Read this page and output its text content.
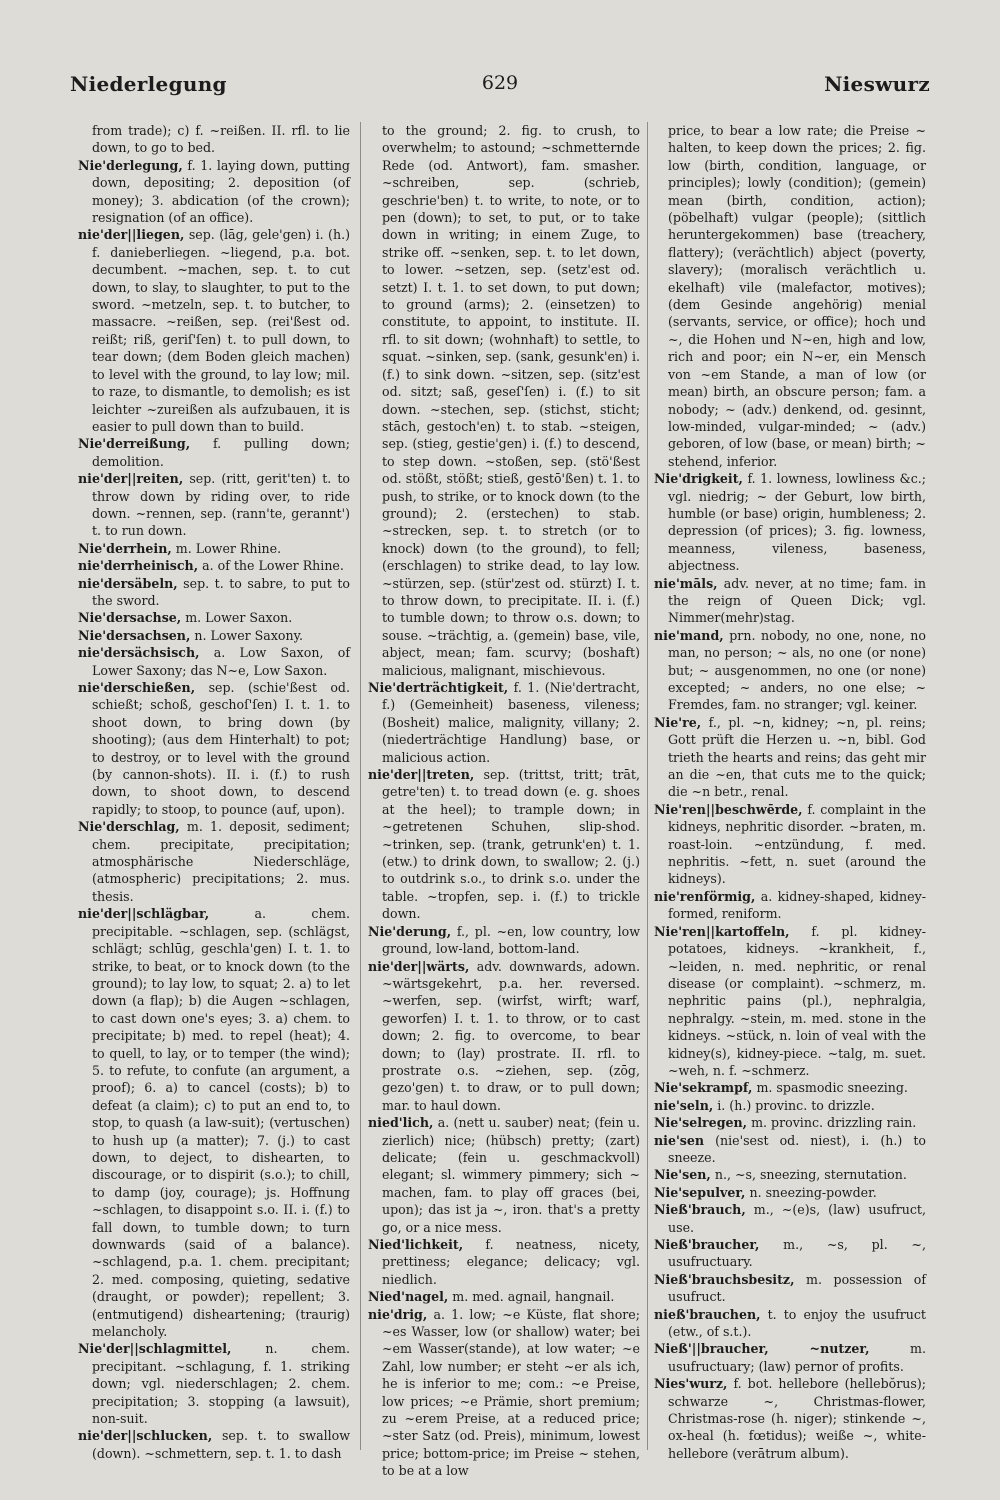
Niederlegung	629	Nieswurz

from trade); c) f. ~reißen. II. rfl. to lie down, to go to bed.

Nie'derlegung, f. 1. laying down, putting down, depositing; 2. deposition (of money); 3. abdication (of the crown); resignation (of an office).

nie'der||liegen, sep. (lāg, gele'gen) i. (h.) f. danieberliegen. ~liegend, p.a. bot. decumbent. ~machen, sep. t. to cut down, to slay, to slaughter, to put to the sword. ~metzeln, sep. t. to butcher, to massacre. ~reißen, sep. (rei'ßest od. reißt; riß, geriſ'ſen) t. to pull down, to tear down; (dem Boden gleich machen) to level with the ground, to lay low; mil. to raze, to dismantle, to demolish; es ist leichter ~zureißen als aufzubauen, it is easier to pull down than to build.

Nie'derreißung, f. pulling down; demolition.

nie'der||reiten, sep. (ritt, gerit'ten) t. to throw down by riding over, to ride down. ~rennen, sep. (rann'te, gerannt') t. to run down.

Nie'derrhein, m. Lower Rhine.

nie'derrheinisch, a. of the Lower Rhine.

nie'dersäbeln, sep. t. to sabre, to put to the sword.

Nie'dersachse, m. Lower Saxon.

Nie'dersachsen, n. Lower Saxony.

nie'dersächsisch, a. Low Saxon, of Lower Saxony; das N~e, Low Saxon.

nie'derschießen, sep. (schie'ßest od. schießt; schoß, geschoſ'ſen) I. t. 1. to shoot down, to bring down (by shooting); (aus dem Hinterhalt) to pot; to destroy, or to level with the ground (by cannon-shots). II. i. (f.) to rush down, to shoot down, to descend rapidly; to stoop, to pounce (auf, upon).

Nie'derschlag, m. 1. deposit, sediment; chem. precipitate, precipitation; atmosphärische Niederschläge, (atmospheric) precipitations; 2. mus. thesis.

nie'der||schlägbar,	a. chem. precipitable. ~schlagen, sep. (schlägst, schlägt; schlūg, geschla'gen) I. t. 1. to strike, to beat, or to knock down (to the ground); to lay low, to squat; 2. a) to let down (a flap); b) die Augen ~schlagen, to cast down one's eyes; 3. a) chem. to precipitate; b) med. to repel (heat); 4. to quell, to lay, or to temper (the wind); 5. to refute, to confute (an argument, a proof); 6. a) to cancel (costs); b) to defeat (a claim); c) to put an end to, to stop, to quash (a law-suit); (vertuschen) to hush up (a matter); 7. (j.) to cast down, to deject, to dishearten, to discourage, or to dispirit (s.o.); to chill, to damp (joy, courage); js. Hoffnung ~schlagen, to disappoint s.o. II. i. (f.) to fall down, to tumble down; to turn downwards (said of a balance). ~schlagend, p.a. 1. chem. precipitant; 2. med. composing, quieting, sedative (draught, or powder); repellent; 3. (entmutigend) disheartening; (traurig) melancholy.

Nie'der||schlagmittel,	n. chem. precipitant. ~schlagung, f. 1. striking down; vgl. niederschlagen; 2. chem. precipitation; 3. stopping (a lawsuit), non-suit.

nie'der||schlucken, sep. t. to swallow (down). ~schmettern, sep. t. 1. to dash

to the ground; 2. fig. to crush, to overwhelm; to astound; ~schmetternde Rede (od. Antwort), fam. smasher. ~schreiben, sep. (schrieb, geschrie'ben) t. to write, to note, or to pen (down); to set, to put, or to take down in writing; in einem Zuge, to strike off. ~senken, sep. t. to let down, to lower. ~setzen, sep. (setz'est od. setzt) I. t. 1. to set down, to put down; to ground (arms); 2. (einsetzen) to constitute, to appoint, to institute. II. rfl. to sit down; (wohnhaft) to settle, to squat. ~sinken, sep. (sank, gesunk'en) i. (f.) to sink down. ~sitzen, sep. (sitz'est od. sitzt; saß, geseſ'ſen) i. (f.) to sit down. ~stechen, sep. (stichst, sticht; stāch, gestoch'en) t. to stab. ~steigen, sep. (stieg, gestie'gen) i. (f.) to descend, to step down. ~stoßen, sep. (stö'ßest od. stößt, stößt; stieß, gestō'ßen) t. 1. to push, to strike, or to knock down (to the ground); 2. (erstechen) to stab. ~strecken, sep. t. to stretch (or to knock) down (to the ground), to fell; (erschlagen) to strike dead, to lay low. ~stürzen, sep. (stür'zest od. stürzt) I. t. to throw down, to precipitate. II. i. (f.) to tumble down; to throw o.s. down; to souse. ~trächtig, a. (gemein) base, vile, abject, mean; fam. scurvy; (boshaft) malicious, malignant, mischievous.

Nie'derträchtigkeit, f. 1. (Nie'dertracht, f.) (Gemeinheit) baseness, vileness; (Bosheit) malice, malignity, villany; 2. (niederträchtige Handlung) base, or malicious action.

nie'der||treten, sep. (trittst, tritt; trāt, getre'ten) t. to tread down (e. g. shoes at the heel); to trample down; in ~getretenen Schuhen, slip-shod. ~trinken, sep. (trank, getrunk'en) t. 1. (etw.) to drink down, to swallow; 2. (j.) to outdrink s.o., to drink s.o. under the table. ~tropfen, sep. i. (f.) to trickle down.

Nie'derung, f., pl. ~en, low country, low ground, low-land, bottom-land.

nie'der||wärts, adv. downwards, adown. ~wärtsgekehrt, p.a. her. reversed. ~werfen, sep. (wirfst, wirft; warf, geworfen) I. t. 1. to throw, or to cast down; 2. fig. to overcome, to bear down; to (lay) prostrate. II. rfl. to prostrate o.s. ~ziehen, sep. (zōg, gezo'gen) t. to draw, or to pull down; mar. to haul down.

nied'lich, a. (nett u. sauber) neat; (fein u. zierlich) nice; (hübsch) pretty; (zart) delicate; (fein u. geschmackvoll) elegant; sl. wimmery pimmery; sich ~ machen, fam. to play off graces (bei, upon); das ist ja ~, iron. that's a pretty go, or a nice mess.

Nied'lichkeit, f. neatness, nicety, prettiness; elegance; delicacy; vgl. niedlich.

Nied'nagel, m. med. agnail, hangnail.

nie'drig, a. 1. low; ~e Küste, flat shore; ~es Wasser, low (or shallow) water; bei ~em Wasser(stande), at low water; ~e Zahl, low number; er steht ~er als ich, he is inferior to me; com.: ~e Preise, low prices; ~e Prämie, short premium; zu ~erem Preise, at a reduced price; ~ster Satz (od. Preis), minimum, lowest price; bottom-price; im Preise ~ stehen, to be at a low

price, to bear a low rate; die Preise ~ halten, to keep down the prices; 2. fig. low (birth, condition, language, or principles); lowly (condition); (gemein) mean (birth, condition, action); (pöbelhaft) vulgar (people); (sittlich heruntergekommen) base (treachery, flattery); (verächtlich) abject (poverty, slavery); (moralisch verächtlich u. ekelhaft) vile (malefactor, motives); (dem Gesinde angehörig) menial (servants, service, or office); hoch und ~, die Hohen und N~en, high and low, rich and poor; ein N~er, ein Mensch von ~em Stande, a man of low (or mean) birth, an obscure person; fam. a nobody; ~ (adv.) denkend, od. gesinnt, low-minded, vulgar-minded; ~ (adv.) geboren, of low (base, or mean) birth; ~ stehend, inferior.

Nie'drigkeit, f. 1. lowness, lowliness &c.; vgl. niedrig; ~ der Geburt, low birth, humble (or base) origin, humbleness; 2. depression (of prices); 3. fig. lowness, meanness, vileness, baseness, abjectness.

nie'māls, adv. never, at no time; fam. in the reign of Queen Dick; vgl. Nimmer(mehr)stag.

nie'mand, prn. nobody, no one, none, no man, no person; ~ als, no one (or none) but; ~ ausgenommen, no one (or none) excepted; ~ anders, no one else; ~ Fremdes, fam. no stranger; vgl. keiner.

Nie're, f., pl. ~n, kidney; ~n, pl. reins; Gott prüft die Herzen u. ~n, bibl. God trieth the hearts and reins; das geht mir an die ~en, that cuts me to the quick; die ~n betr., renal.

Nie'ren||beschwērde, f. complaint in the kidneys, nephritic disorder. ~braten, m. roast-loin. ~entzündung, f. med. nephritis. ~fett, n. suet (around the kidneys).

nie'renförmig, a. kidney-shaped, kidney-formed, reniform.

Nie'ren||kartoffeln, f. pl. kidney-potatoes, kidneys. ~krankheit, f., ~leiden, n. med. nephritic, or renal disease (or complaint). ~schmerz, m. nephritic pains (pl.), nephralgia, nephralgy. ~stein, m. med. stone in the kidneys. ~stück, n. loin of veal with the kidney(s), kidney-piece. ~talg, m. suet. ~weh, n. f. ~schmerz.

Nie'sekrampf, m. spasmodic sneezing.

nie'seln, i. (h.) provinc. to drizzle.

Nie'selregen, m. provinc. drizzling rain.

nie'sen (nie'sest od. niest), i. (h.) to sneeze.

Nie'sen, n., ~s, sneezing, sternutation.

Nie'sepulver, n. sneezing-powder.

Nieß'brauch, m., ~(e)s, (law) usufruct, use.

Nieß'braucher, m., ~s, pl. ~, usufructuary.

Nieß'brauchsbesitz, m. possession of usufruct.

nieß'brauchen, t. to enjoy the usufruct (etw., of s.t.).

Nieß'||braucher, ~nutzer,	m. usufructuary; (law) pernor of profits.

Nies'wurz, f. bot. hellebore (hellebŏrus); schwarze ~, Christmas-flower, Christmas-rose (h. niger); stinkende ~, ox-heal (h. fœtidus); weiße ~, white-hellebore (verātrum album).
